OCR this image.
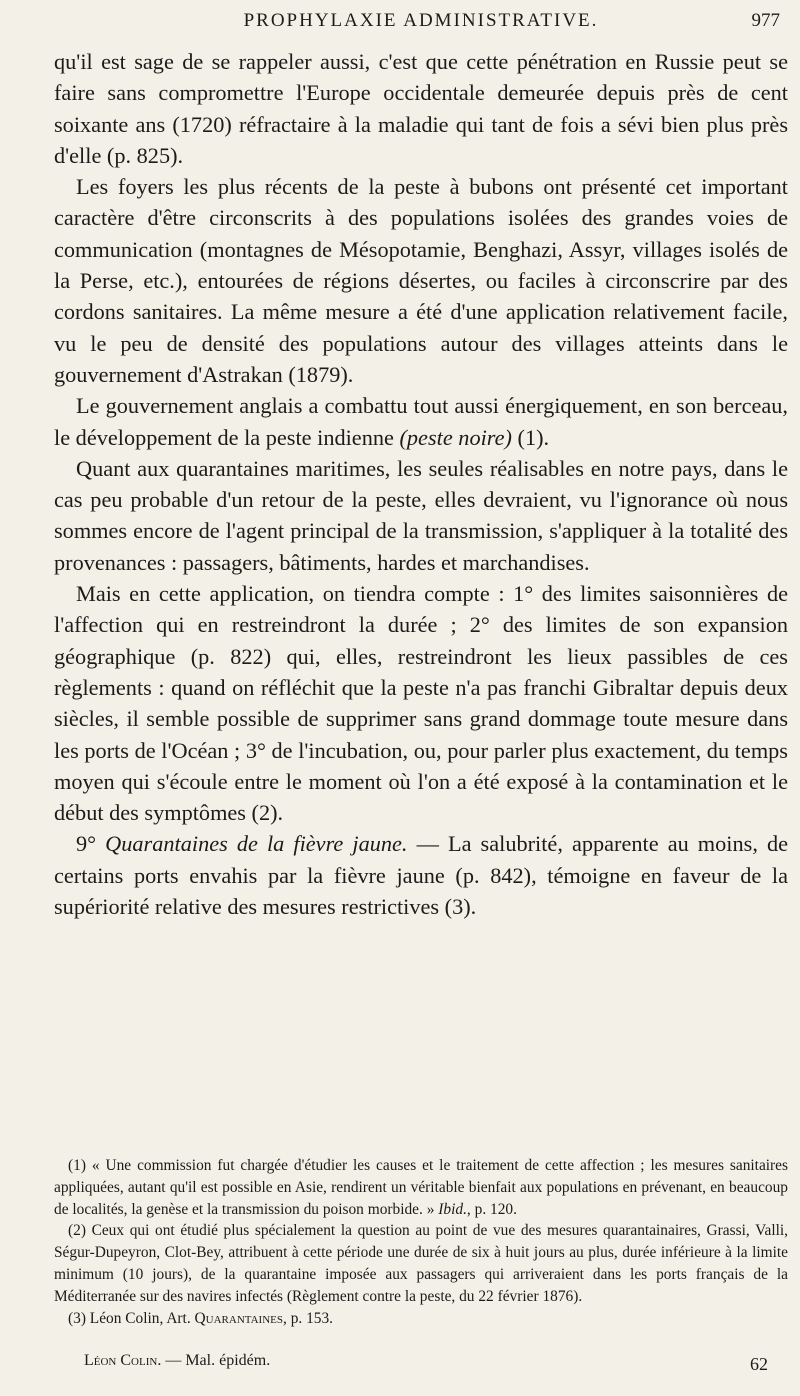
PROPHYLAXIE ADMINISTRATIVE.	977

qu'il est sage de se rappeler aussi, c'est que cette pénétration en Russie peut se faire sans compromettre l'Europe occidentale demeurée depuis près de cent soixante ans (1720) réfractaire à la maladie qui tant de fois a sévi bien plus près d'elle (p. 825).

Les foyers les plus récents de la peste à bubons ont présenté cet important caractère d'être circonscrits à des populations isolées des grandes voies de communication (montagnes de Mésopotamie, Benghazi, Assyr, villages isolés de la Perse, etc.), entourées de régions désertes, ou faciles à circonscrire par des cordons sanitaires. La même mesure a été d'une application relativement facile, vu le peu de densité des populations autour des villages atteints dans le gouvernement d'Astrakan (1879).

Le gouvernement anglais a combattu tout aussi énergiquement, en son berceau, le développement de la peste indienne (peste noire) (1).

Quant aux quarantaines maritimes, les seules réalisables en notre pays, dans le cas peu probable d'un retour de la peste, elles devraient, vu l'ignorance où nous sommes encore de l'agent principal de la transmission, s'appliquer à la totalité des provenances : passagers, bâtiments, hardes et marchandises.

Mais en cette application, on tiendra compte : 1° des limites saisonnières de l'affection qui en restreindront la durée ; 2° des limites de son expansion géographique (p. 822) qui, elles, restreindront les lieux passibles de ces règlements : quand on réfléchit que la peste n'a pas franchi Gibraltar depuis deux siècles, il semble possible de supprimer sans grand dommage toute mesure dans les ports de l'Océan ; 3° de l'incubation, ou, pour parler plus exactement, du temps moyen qui s'écoule entre le moment où l'on a été exposé à la contamination et le début des symptômes (2).

9° Quarantaines de la fièvre jaune. — La salubrité, apparente au moins, de certains ports envahis par la fièvre jaune (p. 842), témoigne en faveur de la supériorité relative des mesures restrictives (3).

(1) « Une commission fut chargée d'étudier les causes et le traitement de cette affection ; les mesures sanitaires appliquées, autant qu'il est possible en Asie, rendirent un véritable bienfait aux populations en prévenant, en beaucoup de localités, la genèse et la transmission du poison morbide. » Ibid., p. 120.

(2) Ceux qui ont étudié plus spécialement la question au point de vue des mesures quarantainaires, Grassi, Valli, Ségur-Dupeyron, Clot-Bey, attribuent à cette période une durée de six à huit jours au plus, durée inférieure à la limite minimum (10 jours), de la quarantaine imposée aux passagers qui arriveraient dans les ports français de la Méditerranée sur des navires infectés (Règlement contre la peste, du 22 février 1876).

(3) Léon Colin, Art. Quarantaines, p. 153.

Léon Colin. — Mal. épidém.	62
